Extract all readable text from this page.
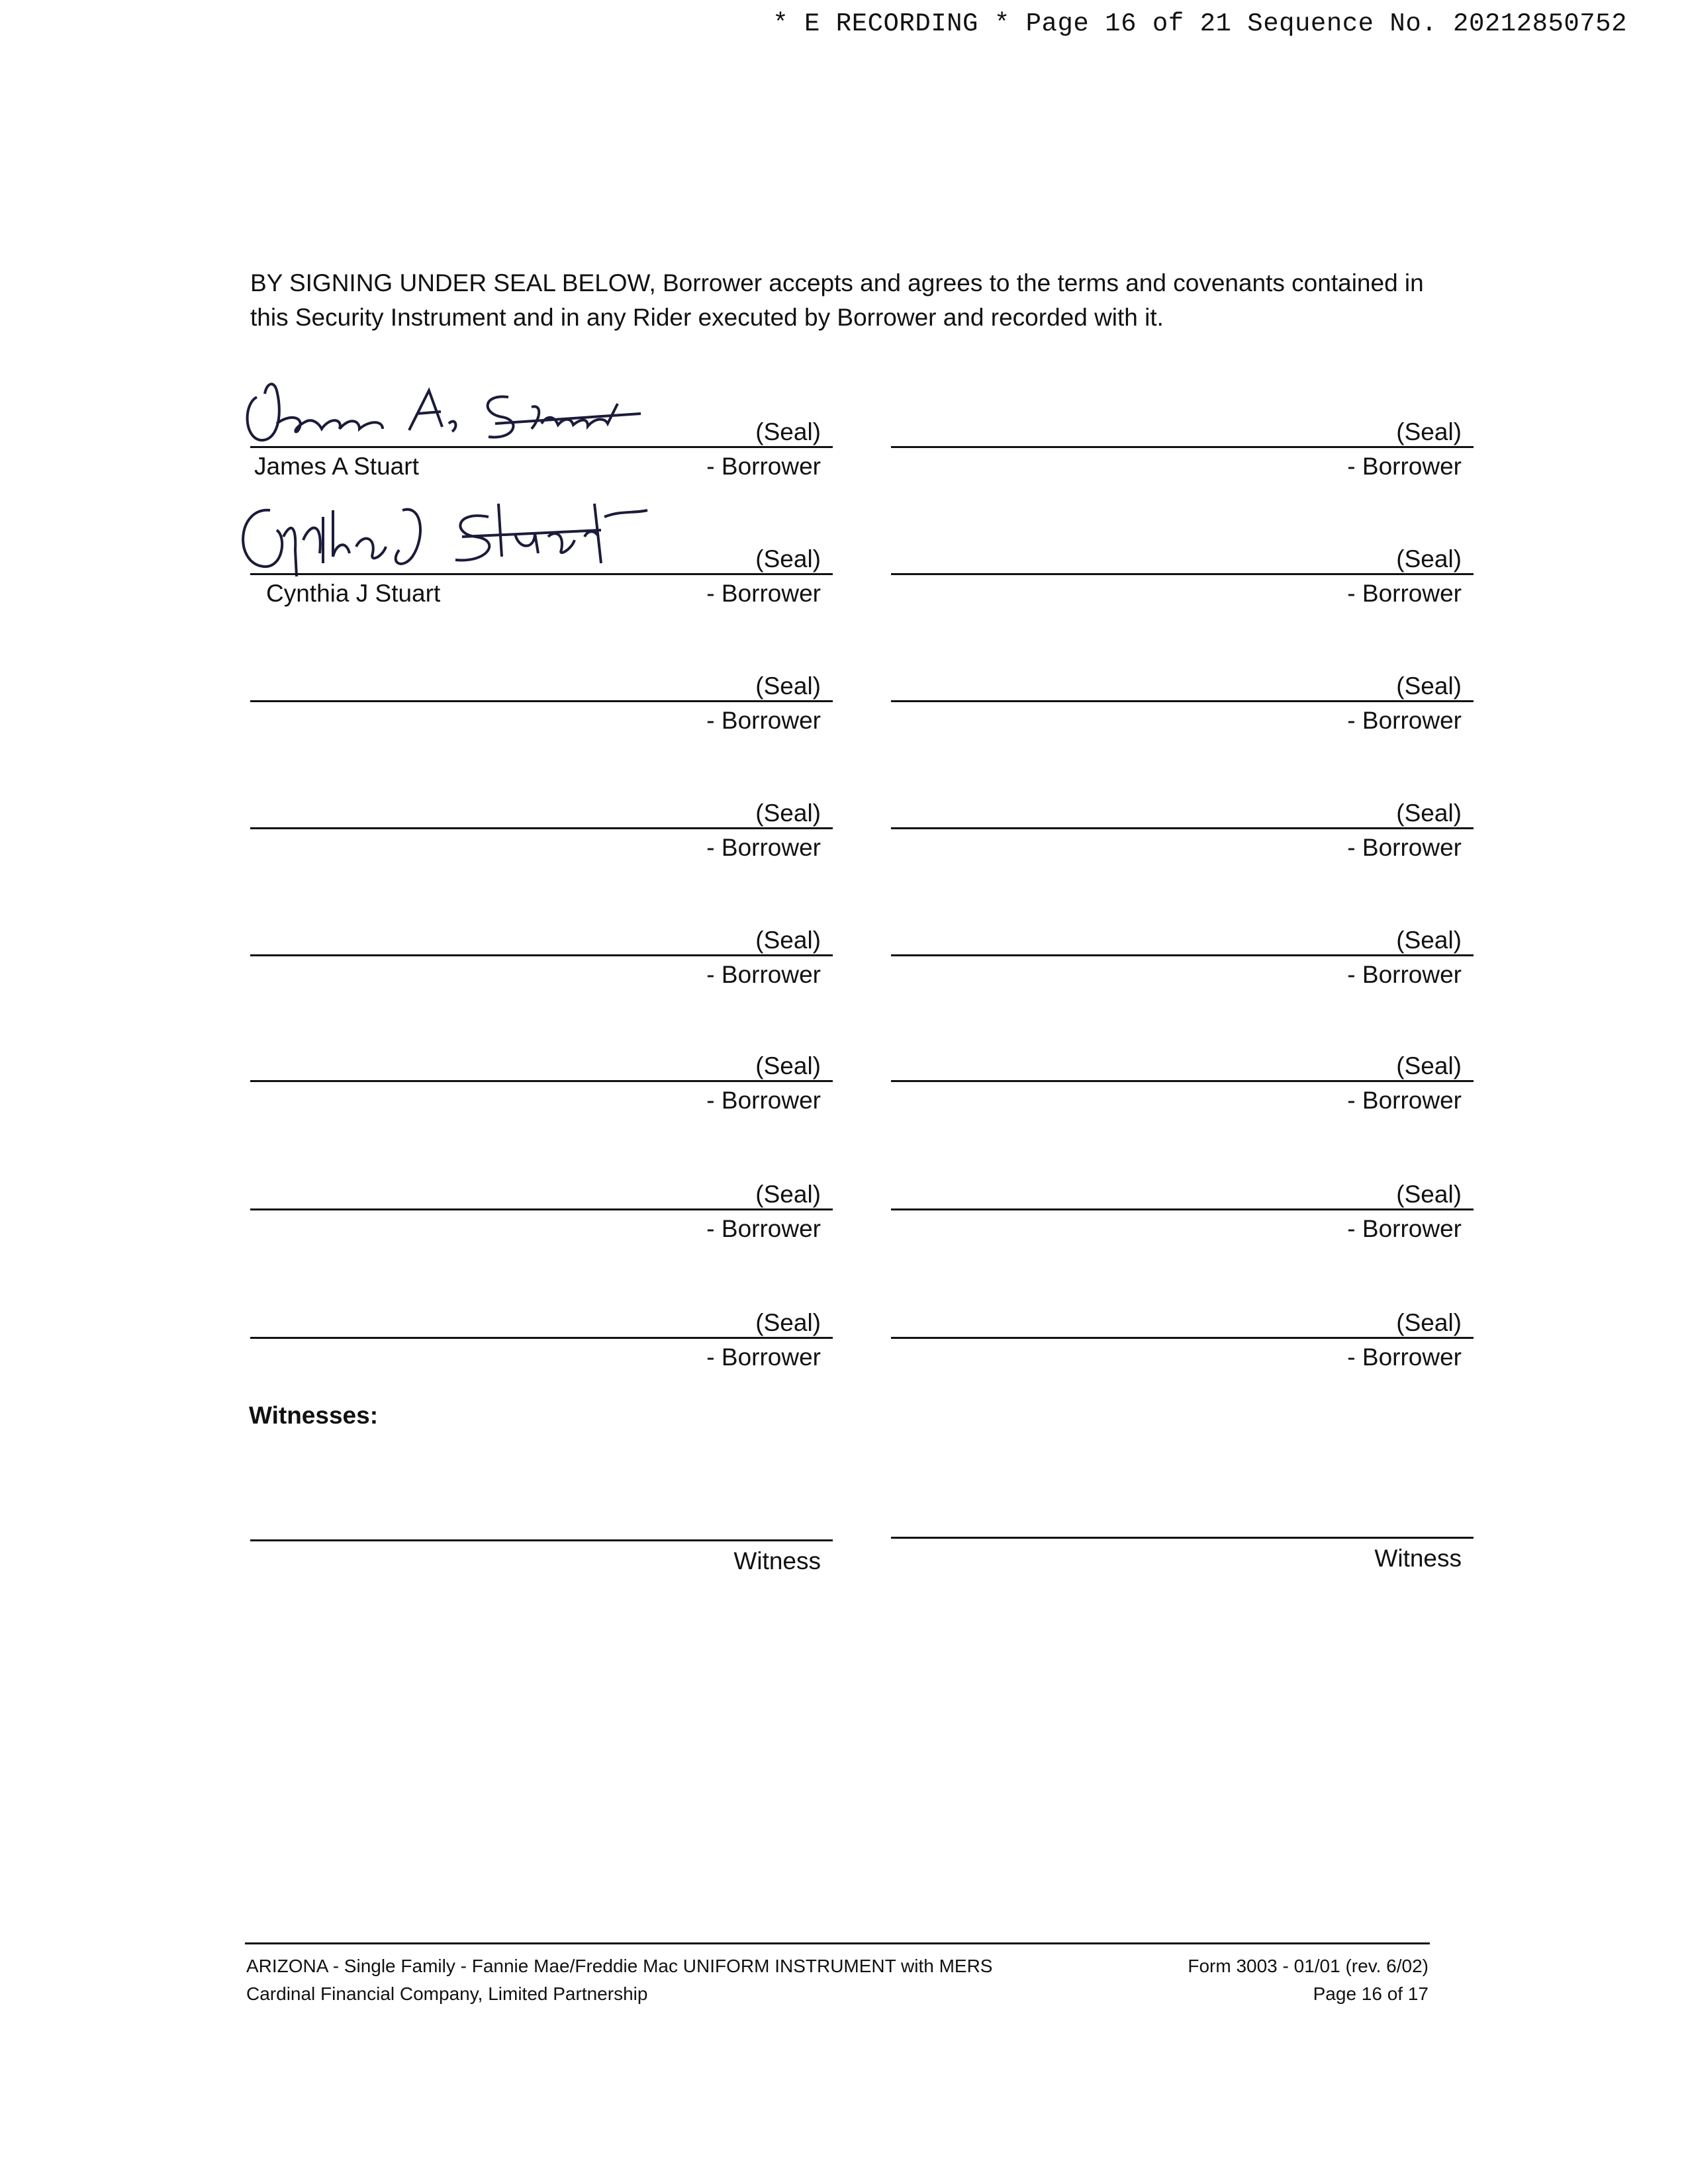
* E RECORDING * Page 16 of 21 Sequence No. 20212850752
BY SIGNING UNDER SEAL BELOW, Borrower accepts and agrees to the terms and covenants contained in this Security Instrument and in any Rider executed by Borrower and recorded with it.
(Seal)
James A Stuart	- Borrower
(Seal)
- Borrower
(Seal)
Cynthia J Stuart	- Borrower
(Seal)
- Borrower
(Seal)
- Borrower
(Seal)
- Borrower
(Seal)
- Borrower
(Seal)
- Borrower
(Seal)
- Borrower
(Seal)
- Borrower
(Seal)
- Borrower
(Seal)
- Borrower
(Seal)
- Borrower
(Seal)
- Borrower
(Seal)
- Borrower
(Seal)
- Borrower
Witnesses:
Witness	Witness
ARIZONA - Single Family - Fannie Mae/Freddie Mac UNIFORM INSTRUMENT with MERS
Cardinal Financial Company, Limited Partnership
Form 3003 - 01/01 (rev. 6/02)
Page 16 of 17
